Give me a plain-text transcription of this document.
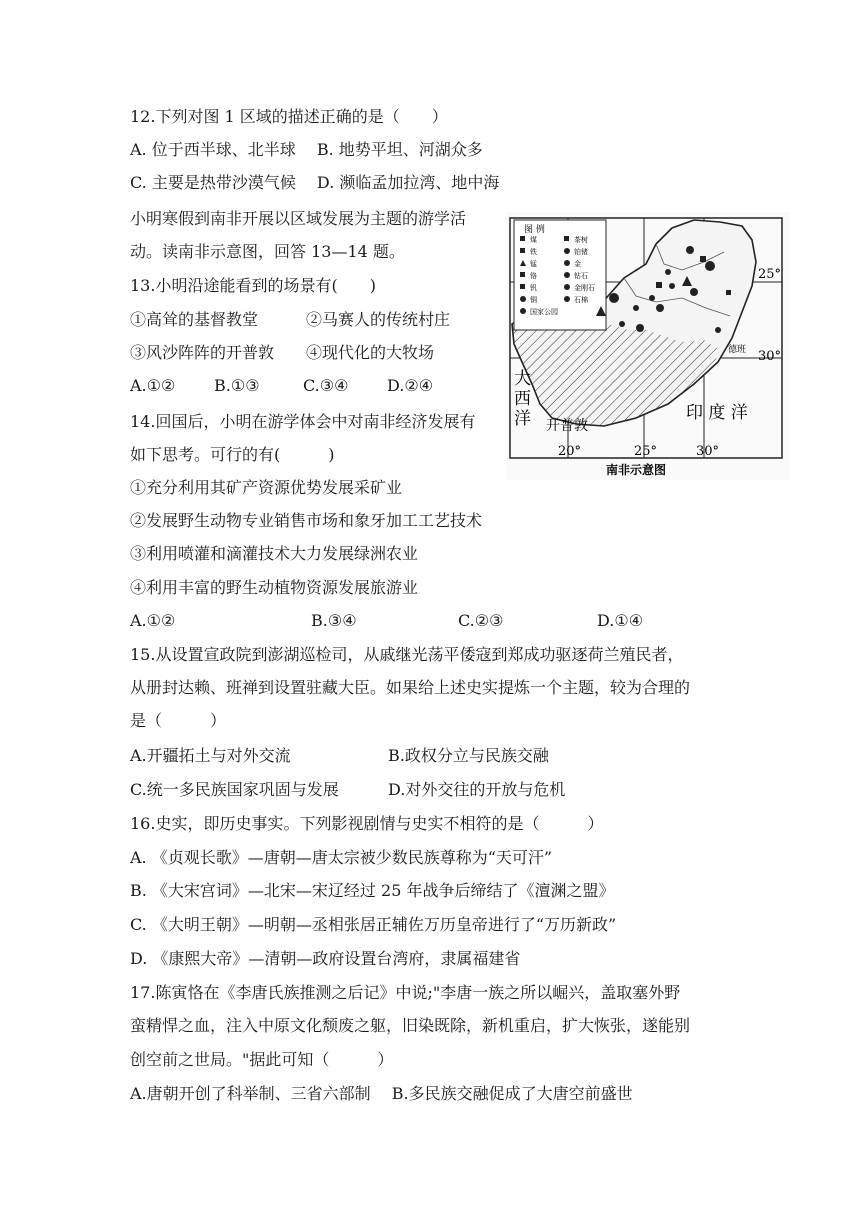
12.下列对图 1 区域的描述正确的是（　　）
A. 位于西半球、北半球　 B. 地势平坦、河湖众多
C. 主要是热带沙漠气候　 D. 濒临孟加拉湾、地中海
小明寒假到南非开展以区域发展为主题的游学活
动。读南非示意图，回答 13—14 题。
13.小明沿途能看到的场景有(　　)
①高耸的基督教堂　　　②马赛人的传统村庄
③风沙阵阵的开普敦　　④现代化的大牧场
A.①② B.①③	C.③④ D.②④
14.回国后，小明在游学体会中对南非经济发展有
如下思考。可行的有(　　　)
①充分利用其矿产资源优势发展采矿业
②发展野生动物专业销售市场和象牙加工工艺技术
③利用喷灌和滴灌技术大力发展绿洲农业
④利用丰富的野生动植物资源发展旅游业
A.①②	B.③④	C.②③	D.①④
15.从设置宣政院到澎湖巡检司，从戚继光荡平倭寇到郑成功驱逐荷兰殖民者，
从册封达赖、班禅到设置驻藏大臣。如果给上述史实提炼一个主题，较为合理的
是（　　　）
A.开疆拓土与对外交流	B.政权分立与民族交融
C.统一多民族国家巩固与发展	D.对外交往的开放与危机
16.史实，即历史事实。下列影视剧情与史实不相符的是（　　　）
A. 《贞观长歌》—唐朝—唐太宗被少数民族尊称为“天可汗”
B. 《大宋宫词》—北宋—宋辽经过 25 年战争后缔结了《澶渊之盟》
C. 《大明王朝》—明朝—丞相张居正辅佐万历皇帝进行了“万历新政”
D. 《康熙大帝》—清朝—政府设置台湾府，隶属福建省
17.陈寅恪在《李唐氏族推测之后记》中说;"李唐一族之所以崛兴，盖取塞外野
蛮精悍之血，注入中原文化颓废之躯，旧染既除，新机重启，扩大恢张，遂能别
创空前之世局。"据此可知（　　　）
A.唐朝开创了科举制、三省六部制　 B.多民族交融促成了大唐空前盛世
图 例
煤
铁
锰
铬
钒
铜
国家公园
茶树
铂锗
金
钻石
金刚石
石棉
大
西
洋 开普敦
印 度 洋
德班
25°
30°
20°	25°	30°
南非示意图
